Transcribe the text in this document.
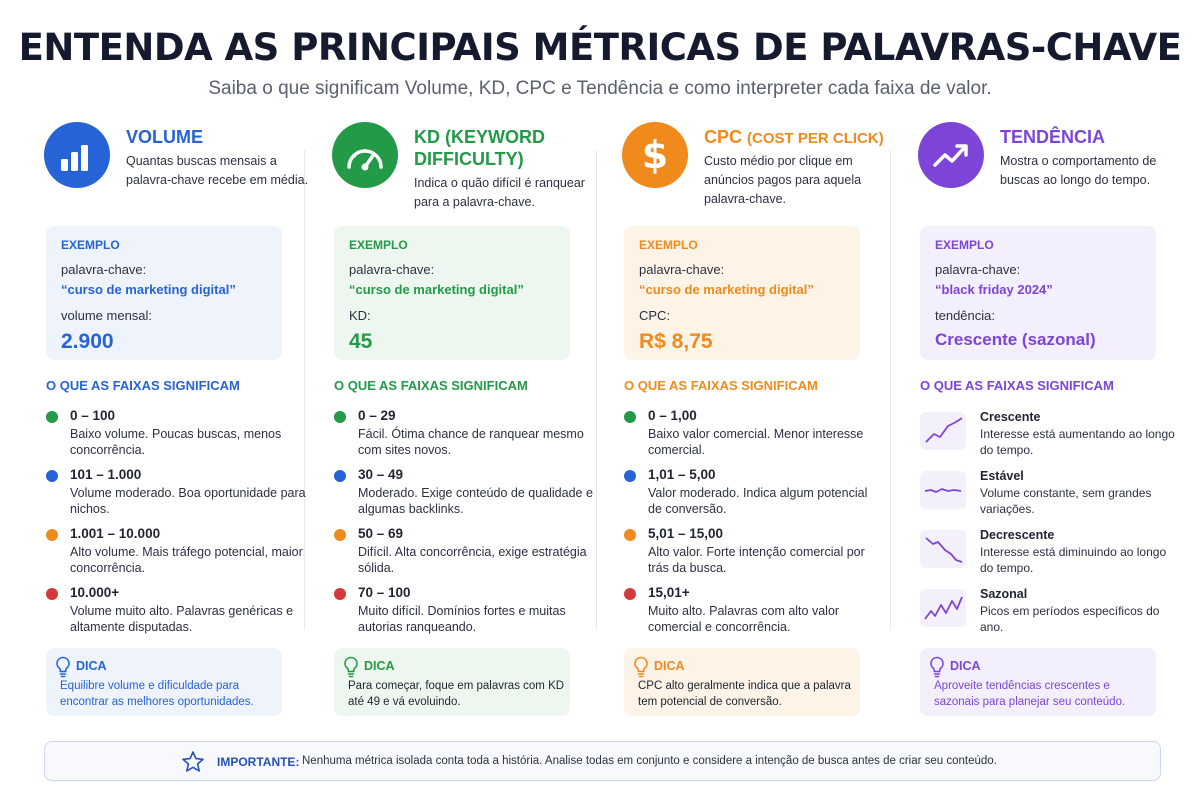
ENTENDA AS PRINCIPAIS MÉTRICAS DE PALAVRAS-CHAVE
Saiba o que significam Volume, KD, CPC e Tendência e como interpreter cada faixa de valor.
VOLUME
Quantas buscas mensais a palavra-chave recebe em média.
EXEMPLO
palavra-chave:
“curso de marketing digital”
volume mensal:
2.900
O QUE AS FAIXAS SIGNIFICAM
0 – 100
Baixo volume. Poucas buscas, menos concorrência.
101 – 1.000
Volume moderado. Boa oportunidade para nichos.
1.001 – 10.000
Alto volume. Mais tráfego potencial, maior concorrência.
10.000+
Volume muito alto. Palavras genéricas e altamente disputadas.
DICA
Equilibre volume e dificuldade para encontrar as melhores oportunidades.
KD (KEYWORD DIFFICULTY)
Indica o quão difícil é ranquear para a palavra-chave.
EXEMPLO
palavra-chave:
“curso de marketing digital”
KD:
45
O QUE AS FAIXAS SIGNIFICAM
0 – 29
Fácil. Ótima chance de ranquear mesmo com sites novos.
30 – 49
Moderado. Exige conteúdo de qualidade e algumas backlinks.
50 – 69
Difícil. Alta concorrência, exige estratégia sólida.
70 – 100
Muito difícil. Domínios fortes e muitas autorias ranqueando.
DICA
Para começar, foque em palavras com KD até 49 e vá evoluindo.
$ CPC (COST PER CLICK)
Custo médio por clique em anúncios pagos para aquela palavra-chave.
EXEMPLO
palavra-chave:
“curso de marketing digital”
CPC:
R$ 8,75
O QUE AS FAIXAS SIGNIFICAM
0 – 1,00
Baixo valor comercial. Menor interesse comercial.
1,01 – 5,00
Valor moderado. Indica algum potencial de conversão.
5,01 – 15,00
Alto valor. Forte intenção comercial por trás da busca.
15,01+
Muito alto. Palavras com alto valor comercial e concorrência.
DICA
CPC alto geralmente indica que a palavra tem potencial de conversão.
TENDÊNCIA
Mostra o comportamento de buscas ao longo do tempo.
EXEMPLO
palavra-chave:
“black friday 2024”
tendência:
Crescente (sazonal)
O QUE AS FAIXAS SIGNIFICAM
Crescente
Interesse está aumentando ao longo do tempo.
Estável
Volume constante, sem grandes variações.
Decrescente
Interesse está diminuindo ao longo do tempo.
Sazonal
Picos em períodos específicos do ano.
DICA
Aproveite tendências crescentes e sazonais para planejar seu conteúdo.
IMPORTANTE: Nenhuma métrica isolada conta toda a história. Analise todas em conjunto e considere a intenção de busca antes de criar seu conteúdo.
